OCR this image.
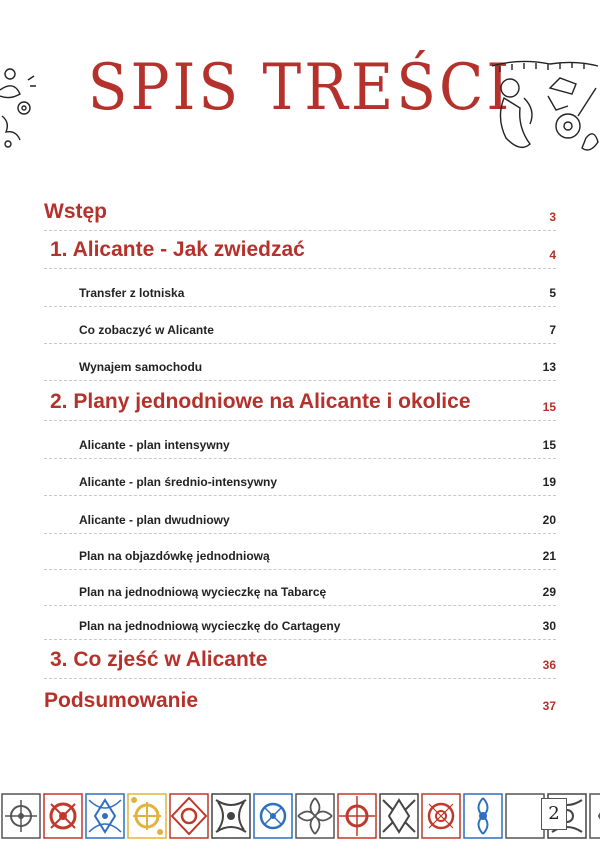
SPIS TREŚCI
Wstęp	3
1. Alicante - Jak zwiedzać	4
Transfer z lotniska	5
Co zobaczyć w Alicante	7
Wynajem samochodu	13
2. Plany jednodniowe na Alicante i okolice	15
Alicante - plan intensywny	15
Alicante - plan średnio-intensywny	19
Alicante - plan dwudniowy	20
Plan na objazdówkę jednodniową	21
Plan na jednodniową wycieczkę na Tabarcę	29
Plan na jednodniową wycieczkę do Cartageny	30
3. Co zjeść w Alicante	36
Podsumowanie	37
2
